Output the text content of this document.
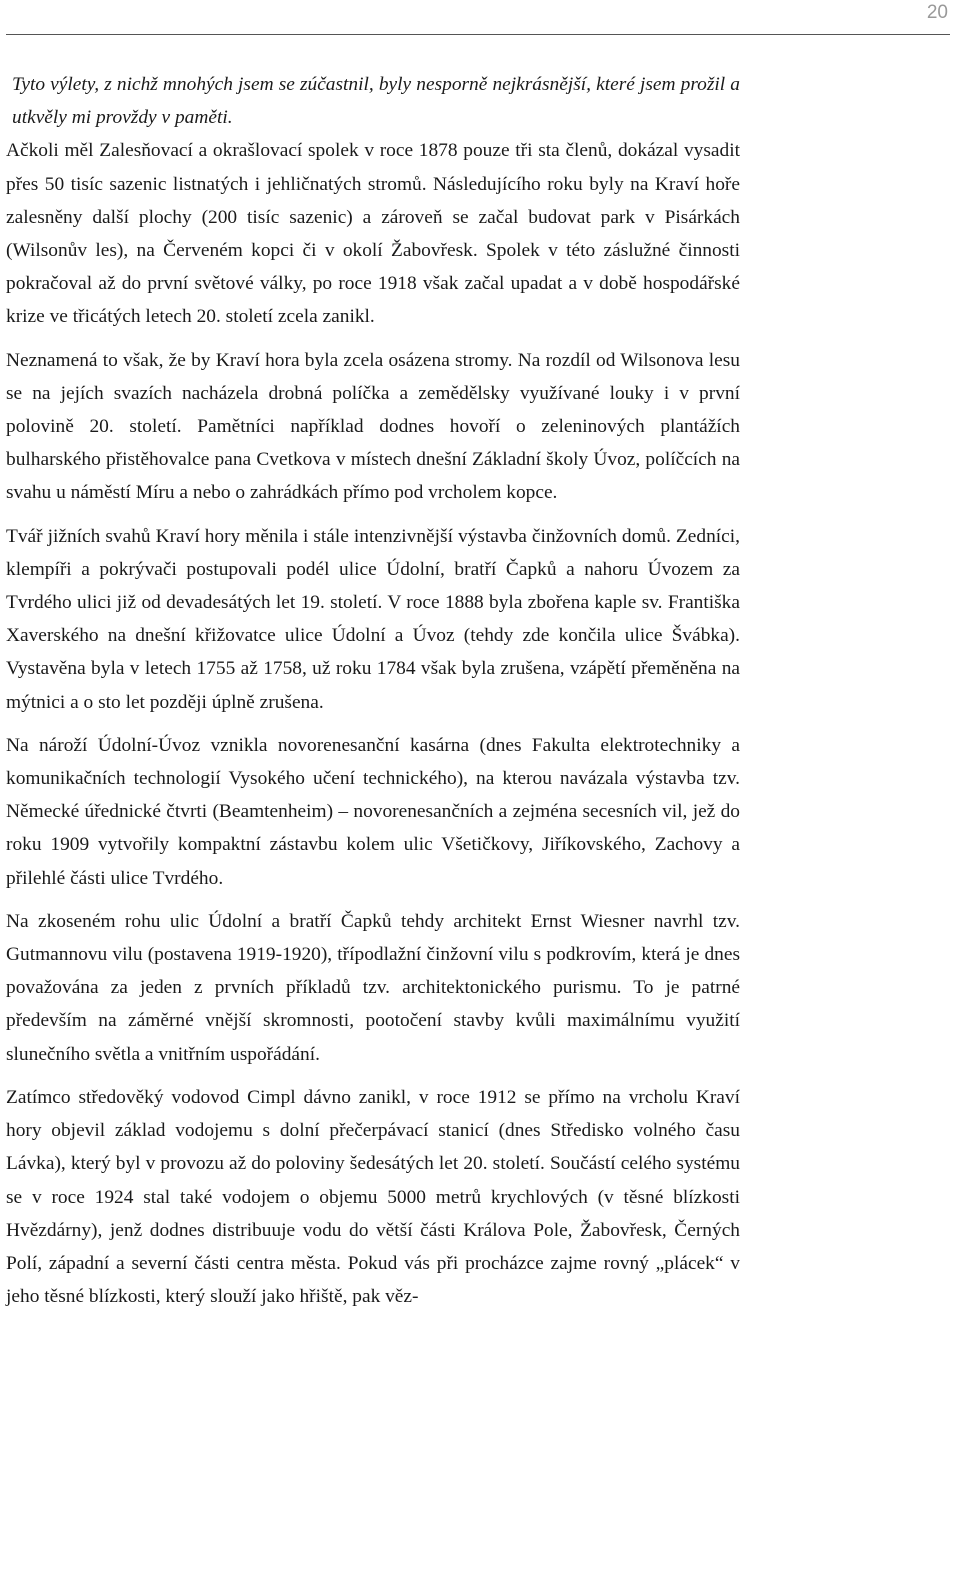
20

Tyto výlety, z nichž mnohých jsem se zúčastnil, byly nesporně nejkrásnější, které jsem prožil a utkvěly mi provždy v paměti.

Ačkoli měl Zalesňovací a okrašlovací spolek v roce 1878 pouze tři sta členů, dokázal vysadit přes 50 tisíc sazenic listnatých i jehličnatých stromů. Následujícího roku byly na Kraví hoře zalesněny další plochy (200 tisíc sazenic) a zároveň se začal budovat park v Pisárkách (Wilsonův les), na Červeném kopci či v okolí Žabovřesk. Spolek v této záslužné činnosti pokračoval až do první světové války, po roce 1918 však začal upadat a v době hospodářské krize ve třicátých letech 20. století zcela zanikl.

Neznamená to však, že by Kraví hora byla zcela osázena stromy. Na rozdíl od Wilsonova lesu se na jejích svazích nacházela drobná políčka a zemědělsky využívané louky i v první polovině 20. století. Pamětníci například dodnes hovoří o zeleninových plantážích bulharského přistěhovalce pana Cvetkova v místech dnešní Základní školy Úvoz, políčcích na svahu u náměstí Míru a nebo o zahrádkách přímo pod vrcholem kopce.

Tvář jižních svahů Kraví hory měnila i stále intenzivnější výstavba činžovních domů. Zedníci, klempíři a pokrývači postupovali podél ulice Údolní, bratří Čapků a nahoru Úvozem za Tvrdého ulici již od devadesátých let 19. století. V roce 1888 byla zbořena kaple sv. Františka Xaverského na dnešní křižovatce ulice Údolní a Úvoz (tehdy zde končila ulice Švábka). Vystavěna byla v letech 1755 až 1758, už roku 1784 však byla zrušena, vzápětí přeměněna na mýtnici a o sto let později úplně zrušena.

Na nároží Údolní-Úvoz vznikla novorenesanční kasárna (dnes Fakulta elektrotechniky a komunikačních technologií Vysokého učení technického), na kterou navázala výstavba tzv. Německé úřednické čtvrti (Beamtenheim) – novorenesančních a zejména secesních vil, jež do roku 1909 vytvořily kompaktní zástavbu kolem ulic Všetičkovy, Jiříkovského, Zachovy a přilehlé části ulice Tvrdého.

Na zkoseném rohu ulic Údolní a bratří Čapků tehdy architekt Ernst Wiesner navrhl tzv. Gutmannovu vilu (postavena 1919-1920), třípodlažní činžovní vilu s podkrovím, která je dnes považována za jeden z prvních příkladů tzv. architektonického purismu. To je patrné především na záměrné vnější skromnosti, pootočení stavby kvůli maximálnímu využití slunečního světla a vnitřním uspořádání.

Zatímco středověký vodovod Cimpl dávno zanikl, v roce 1912 se přímo na vrcholu Kraví hory objevil základ vodojemu s dolní přečerpávací stanicí (dnes Středisko volného času Lávka), který byl v provozu až do poloviny šedesátých let 20. století. Součástí celého systému se v roce 1924 stal také vodojem o objemu 5000 metrů krychlových (v těsné blízkosti Hvězdárny), jenž dodnes distribuuje vodu do větší části Králova Pole, Žabovřesk, Černých Polí, západní a severní části centra města. Pokud vás při procházce zajme rovný „plácek“ v jeho těsné blízkosti, který slouží jako hřiště, pak věz-
